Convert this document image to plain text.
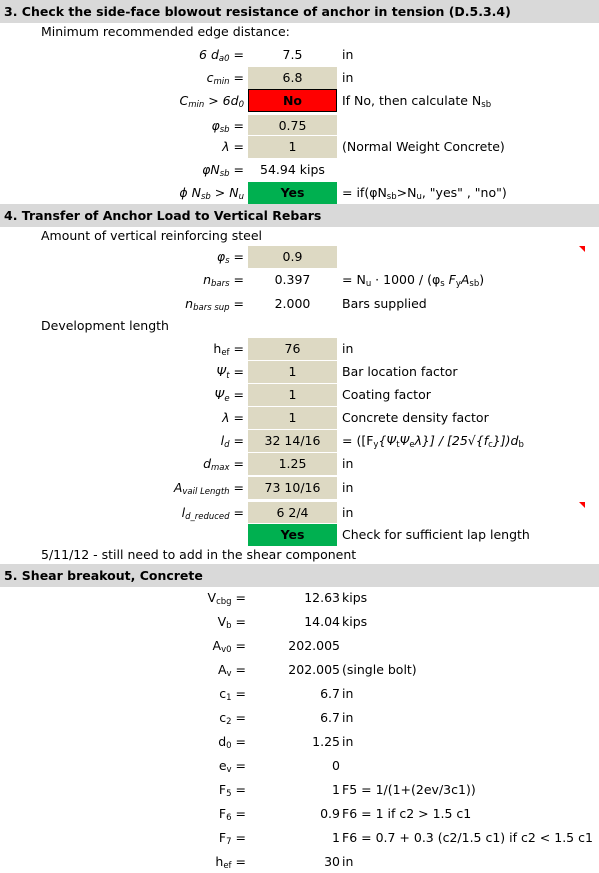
3. Check the side-face blowout resistance of anchor in tension (D.5.3.4)
Minimum recommended edge distance:
6 $d_{a0}$ =	7.5	in
$c_{min}$ =	6.8	in
$C_{min} > 6d_0$	No	If No, then calculate $N_{sb}$
$\varphi_{sb}$ =	0.75
λ =	1	(Normal Weight Concrete)
$\varphi N_{sb}$ =	54.94 kips
ϕ $N_{sb} > N_u$	Yes	= $if(\varphi N_{sb}>N_u$, "yes" , "no")
4. Transfer of Anchor Load to Vertical Rebars
Amount of vertical reinforcing steel
$\varphi_s$ =	0.9
$n_{bars}$ =	0.397	= $N_u \cdot 1000 / (\varphi_s$ $F_yA_{sb}$)
$n_{bars sup}$ =	2.000	Bars supplied
Development length
$h_{ef}$ =	76	in
$\Psi_t$ =	1	Bar location factor
$\Psi_e$ =	1	Coating factor
λ =	1	Concrete density factor
$l_d$ =	32 14/16	= $([F_y\{\Psi_t\Psi_e\lambda\}] / [25√\{f_c\}])d_b$
$d_{max}$ =	1.25	in
$A_{vail Length}$ =	73 10/16	in
$l_{d\_reduced}$ =	6 2/4	in
Yes	Check for sufficient lap length
5/11/12 - still need to add in the shear component
5. Shear breakout, Concrete
$V_{cbg}$ =	12.63 kips
$V_b$ =	14.04 kips
$A_{v0}$ =	202.005
$A_v$ =	202.005 (single bolt)
$c_1$ =	6.7 in
$c_2$ =	6.7 in
$d_0$ =	1.25 in
$e_v$ =	0
$F_5$ =	1 F5 = 1/(1+(2ev/3c1))
$F_6$ =	0.9 F6 = 1 if c2 > 1.5 c1
$F_7$ =	1 F6 = 0.7 + 0.3 (c2/1.5 c1) if c2 < 1.5 c1
$h_{ef}$ =	30 in
